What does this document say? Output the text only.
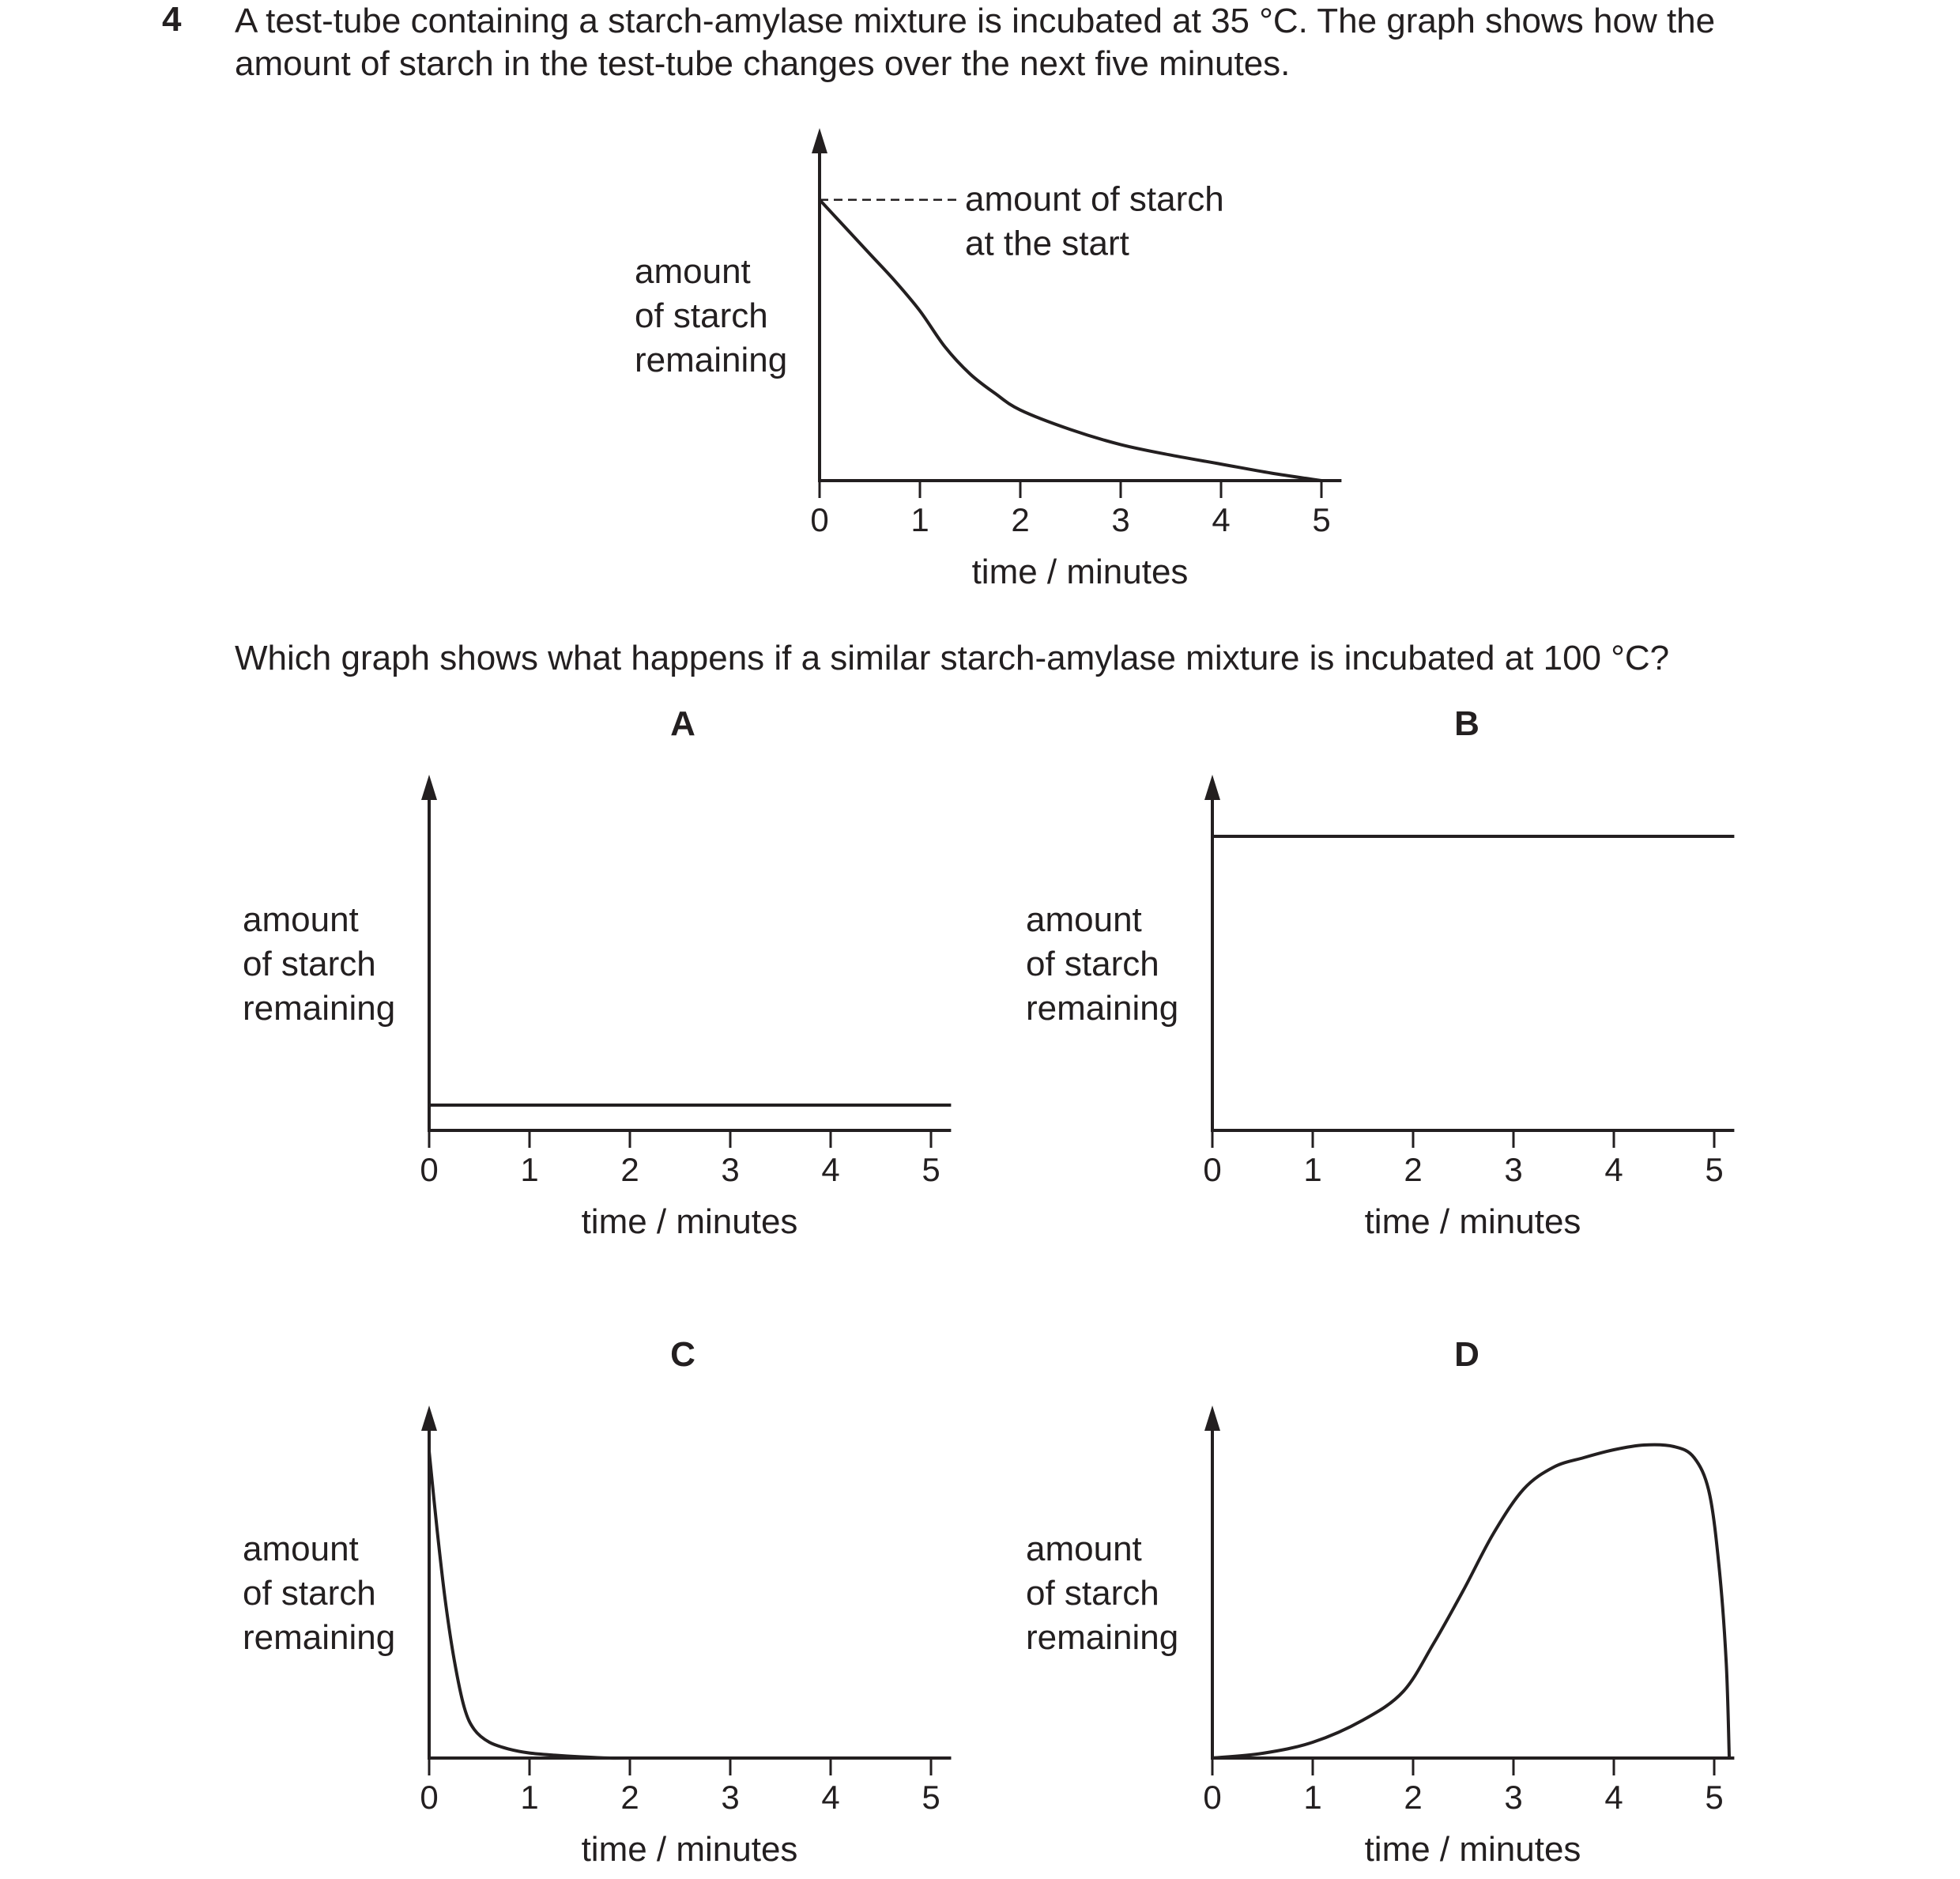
4 A test-tube containing a starch-amylase mixture is incubated at 35 °C. The graph shows how the
amount of starch in the test-tube changes over the next five minutes.
Which graph shows what happens if a similar starch-amylase mixture is incubated at 100 °C?
0 1 2 3 4 5
time / minutes
amount
of starch
remaining
amount of starch
at the start
A
0 1 2 3 4 5
time / minutes
amount
of starch
remaining
B
0 1 2 3 4 5
time / minutes
amount
of starch
remaining
C
0 1 2 3 4 5
time / minutes
amount
of starch
remaining
D
0 1 2 3 4 5
time / minutes
amount
of starch
remaining
